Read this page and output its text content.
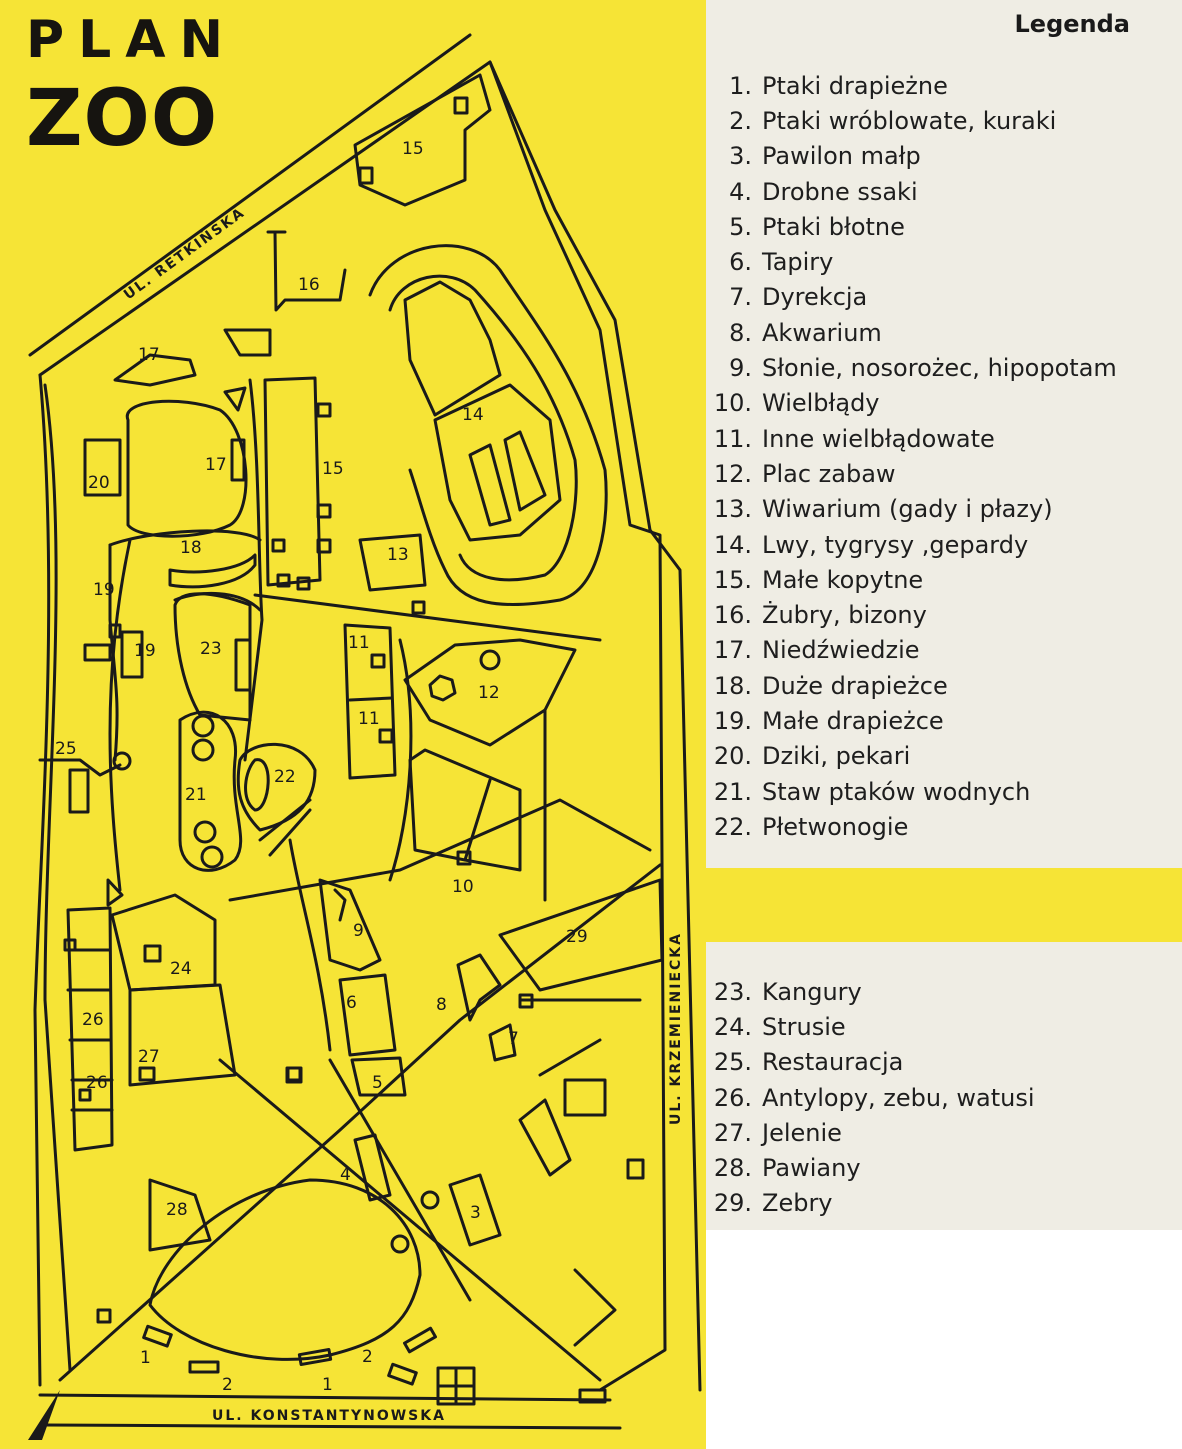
PLAN
ZOO
UL. RETKIŃSKA
UL. KRZEMIENIECKA
UL. KONSTANTYNOWSKA
15
16
17
17
20
15
14
18	13
19
19	23	11
11
12
25
21
22
10
9	29
24
6	8
7
26
27
26	5
4
28	3
1
2	1
2
Legenda
1. Ptaki drapieżne
2. Ptaki wróblowate, kuraki
3. Pawilon małp
4. Drobne ssaki
5. Ptaki błotne
6. Tapiry
7. Dyrekcja
8. Akwarium
9. Słonie, nosorożec, hipopotam
10. Wielbłądy
11. Inne wielbłądowate
12. Plac zabaw
13. Wiwarium (gady i płazy)
14. Lwy, tygrysy ,gepardy
15. Małe kopytne
16. Żubry, bizony
17. Niedźwiedzie
18. Duże drapieżce
19. Małe drapieżce
20. Dziki, pekari
21. Staw ptaków wodnych
22. Płetwonogie
23. Kangury
24. Strusie
25. Restauracja
26. Antylopy, zebu, watusi
27. Jelenie
28. Pawiany
29. Zebry
